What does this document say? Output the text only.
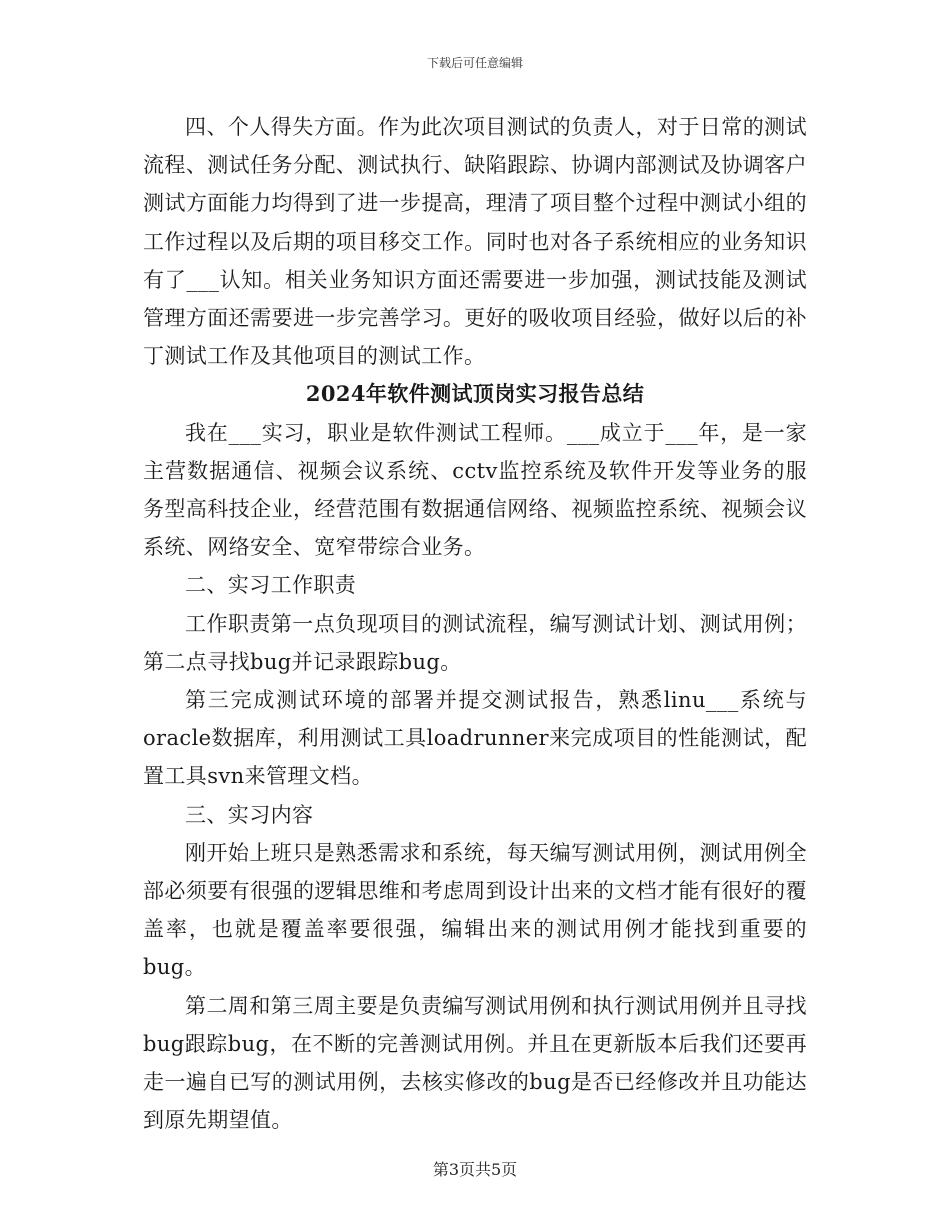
下载后可任意编辑

四、个人得失方面。作为此次项目测试的负责人，对于日常的测试流程、测试任务分配、测试执行、缺陷跟踪、协调内部测试及协调客户测试方面能力均得到了进一步提高，理清了项目整个过程中测试小组的工作过程以及后期的项目移交工作。同时也对各子系统相应的业务知识有了___认知。相关业务知识方面还需要进一步加强，测试技能及测试管理方面还需要进一步完善学习。更好的吸收项目经验，做好以后的补丁测试工作及其他项目的测试工作。

2024年软件测试顶岗实习报告总结

我在___实习，职业是软件测试工程师。___成立于___年，是一家主营数据通信、视频会议系统、cctv监控系统及软件开发等业务的服务型高科技企业，经营范围有数据通信网络、视频监控系统、视频会议系统、网络安全、宽窄带综合业务。

二、实习工作职责

工作职责第一点负现项目的测试流程，编写测试计划、测试用例；第二点寻找bug并记录跟踪bug。

第三完成测试环境的部署并提交测试报告，熟悉linu___系统与oracle数据库，利用测试工具loadrunner来完成项目的性能测试，配置工具svn来管理文档。

三、实习内容

刚开始上班只是熟悉需求和系统，每天编写测试用例，测试用例全部必须要有很强的逻辑思维和考虑周到设计出来的文档才能有很好的覆盖率，也就是覆盖率要很强，编辑出来的测试用例才能找到重要的bug。

第二周和第三周主要是负责编写测试用例和执行测试用例并且寻找bug跟踪bug，在不断的完善测试用例。并且在更新版本后我们还要再走一遍自已写的测试用例，去核实修改的bug是否已经修改并且功能达到原先期望值。

第3页共5页
